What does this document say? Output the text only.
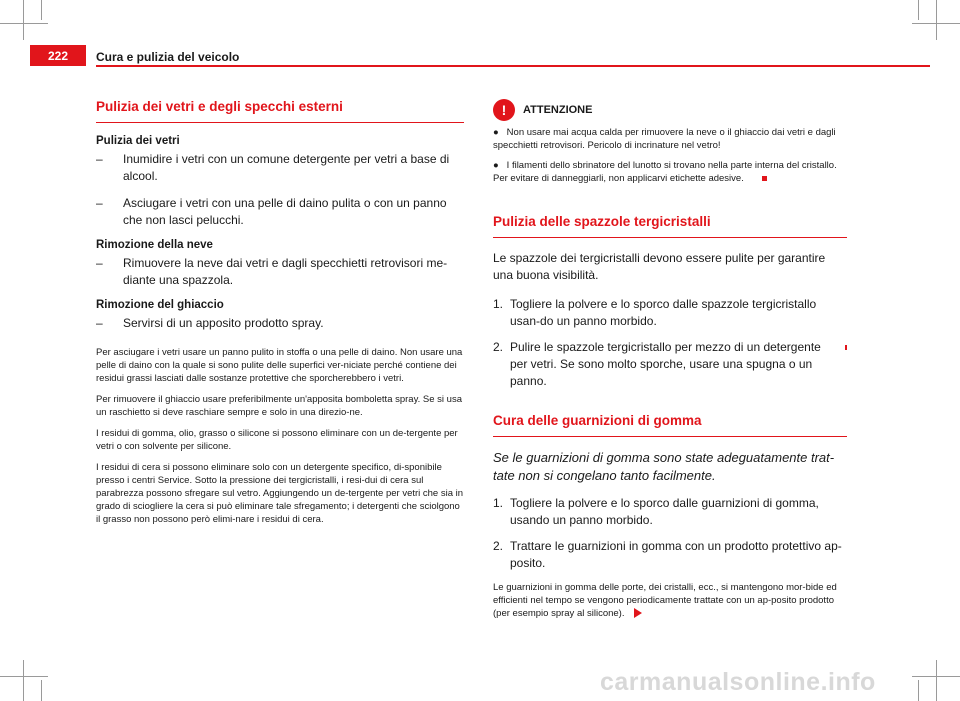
222	Cura e pulizia del veicolo
Pulizia dei vetri e degli specchi esterni
Pulizia dei vetri
–	Inumidire i vetri con un comune detergente per vetri a base di alcool.
–	Asciugare i vetri con una pelle di daino pulita o con un panno che non lasci pelucchi.
Rimozione della neve
–	Rimuovere la neve dai vetri e dagli specchietti retrovisori me-diante una spazzola.
Rimozione del ghiaccio
–	Servirsi di un apposito prodotto spray.

Per asciugare i vetri usare un panno pulito in stoffa o una pelle di daino. Non usare una pelle di daino con la quale si sono pulite delle superfici ver-niciate perché contiene dei residui grassi lasciati dalle sostanze protettive che sporcherebbero i vetri.

Per rimuovere il ghiaccio usare preferibilmente un'apposita bomboletta spray. Se si usa un raschietto si deve raschiare sempre e solo in una direzio-ne.

I residui di gomma, olio, grasso o silicone si possono eliminare con un de-tergente per vetri o con solvente per silicone.

I residui di cera si possono eliminare solo con un detergente specifico, di-sponibile presso i centri Service. Sotto la pressione dei tergicristalli, i resi-dui di cera sul parabrezza possono sfregare sul vetro. Aggiungendo un de-tergente per vetri che sia in grado di sciogliere la cera si può eliminare tale sfregamento; i detergenti che sciolgono il grasso non possono però elimi-nare i residui di cera.

!	ATTENZIONE

● Non usare mai acqua calda per rimuovere la neve o il ghiaccio dai vetri e dagli specchietti retrovisori. Pericolo di incrinature nel vetro!

● I filamenti dello sbrinatore del lunotto si trovano nella parte interna del cristallo. Per evitare di danneggiarli, non applicarvi etichette adesive.

Pulizia delle spazzole tergicristalli

Le spazzole dei tergicristalli devono essere pulite per garantire una buona visibilità.

1. Togliere la polvere e lo sporco dalle spazzole tergicristallo usan-do un panno morbido.
2. Pulire le spazzole tergicristallo per mezzo di un detergente per vetri. Se sono molto sporche, usare una spugna o un panno.
Cura delle guarnizioni di gomma

Se le guarnizioni di gomma sono state adeguatamente trat-tate non si congelano tanto facilmente.

1. Togliere la polvere e lo sporco dalle guarnizioni di gomma, usando un panno morbido.
2. Trattare le guarnizioni in gomma con un prodotto protettivo ap-posito.

Le guarnizioni in gomma delle porte, dei cristalli, ecc., si mantengono mor-bide ed efficienti nel tempo se vengono periodicamente trattate con un ap-posito prodotto (per esempio spray al silicone).

carmanualsonline.info
